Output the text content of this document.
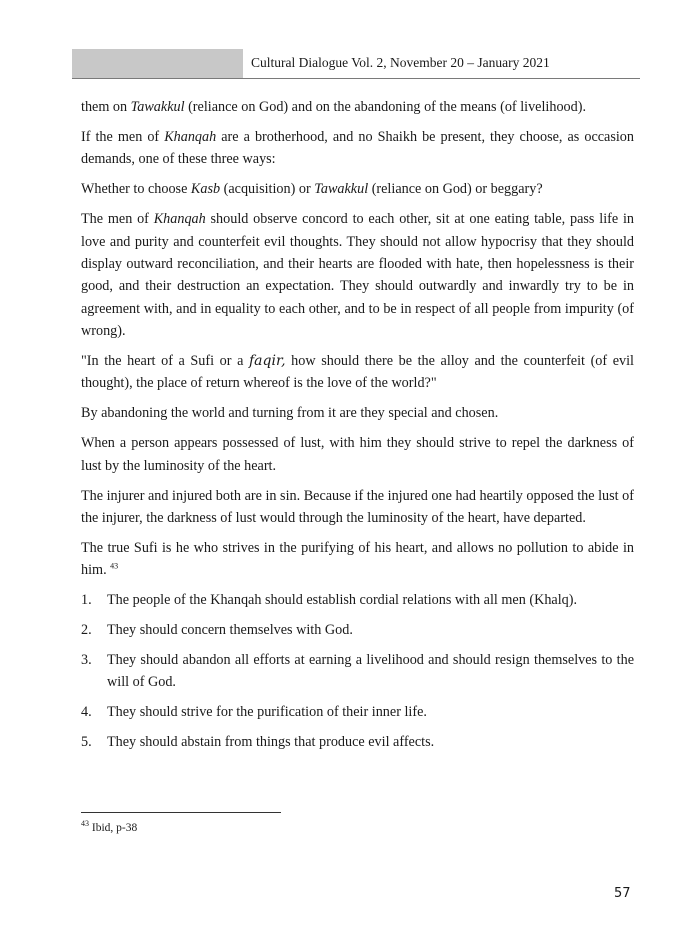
Cultural Dialogue Vol. 2, November 20 – January 2021

them on Tawakkul (reliance on God) and on the abandoning of the means (of livelihood).

If the men of Khanqah are a brotherhood, and no Shaikh be present, they choose, as occasion demands, one of these three ways:

Whether to choose Kasb (acquisition) or Tawakkul (reliance on God) or beggary?

The men of Khanqah should observe concord to each other, sit at one eating table, pass life in love and purity and counterfeit evil thoughts. They should not allow hypocrisy that they should display outward reconciliation, and their hearts are flooded with hate, then hopelessness is their good, and their destruction an expectation. They should outwardly and inwardly try to be in agreement with, and in equality to each other, and to be in respect of all people from impurity (of wrong).

"In the heart of a Sufi or a faqir, how should there be the alloy and the counterfeit (of evil thought), the place of return whereof is the love of the world?"

By abandoning the world and turning from it are they special and chosen.

When a person appears possessed of lust, with him they should strive to repel the darkness of lust by the luminosity of the heart.

The injurer and injured both are in sin. Because if the injured one had heartily opposed the lust of the injurer, the darkness of lust would through the luminosity of the heart, have departed.

The true Sufi is he who strives in the purifying of his heart, and allows no pollution to abide in him. $^{43}$

1. The people of the Khanqah should establish cordial relations with all men (Khalq).
2. They should concern themselves with God.
3. They should abandon all efforts at earning a livelihood and should resign themselves to the will of God.
4. They should strive for the purification of their inner life.
5. They should abstain from things that produce evil affects.
$^{43}$ Ibid, p-38
57
